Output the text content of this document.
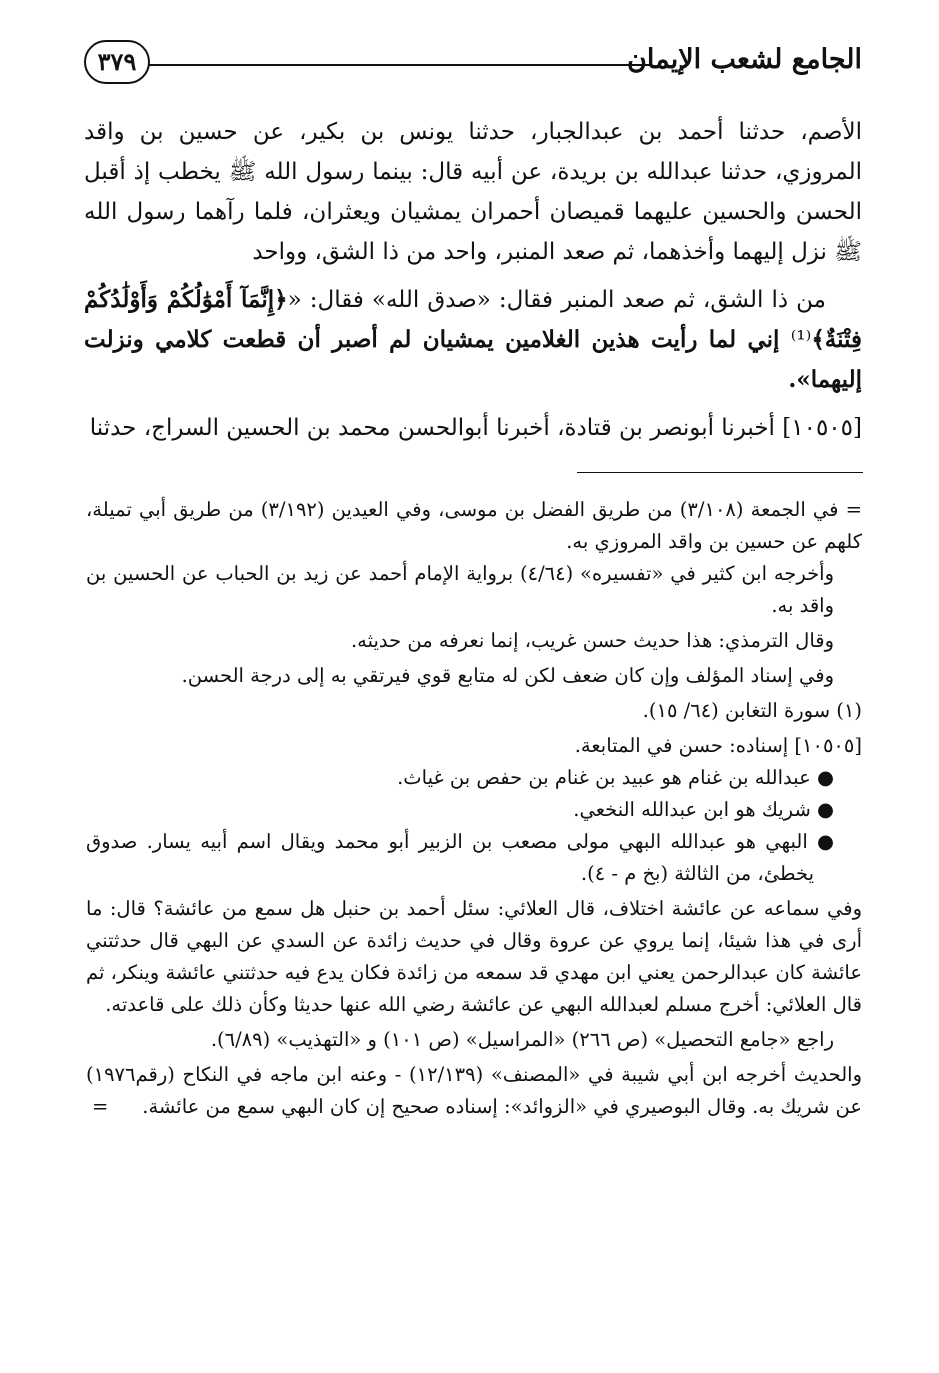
الجامع لشعب الإيمان
٣٧٩

الأصم، حدثنا أحمد بن عبدالجبار، حدثنا يونس بن بكير، عن حسين بن واقد المروزي، حدثنا عبدالله بن بريدة، عن أبيه قال: بينما رسول الله ﷺ يخطب إذ أقبل الحسن والحسين عليهما قميصان أحمران يمشيان ويعثران، فلما رآهما رسول الله ﷺ نزل إليهما وأخذهما، ثم صعد المنبر، واحد من ذا الشق، وواحد

من ذا الشق، ثم صعد المنبر فقال: «صدق الله» فقال: «﴿إِنَّمَآ أَمْوَٰلُكُمْ وَأَوْلَٰدُكُمْ فِتْنَةٌ﴾⁽¹⁾ إني لما رأيت هذين الغلامين يمشيان لم أصبر أن قطعت كلامي ونزلت إليهما».

[١٠٥٠٥] أخبرنا أبونصر بن قتادة، أخبرنا أبوالحسن محمد بن الحسين السراج، حدثنا

= في الجمعة (٣/١٠٨) من طريق الفضل بن موسى، وفي العيدين (٣/١٩٢) من طريق أبي تميلة، كلهم عن حسين بن واقد المروزي به.

وأخرجه ابن كثير في «تفسيره» (٤/٦٤) برواية الإمام أحمد عن زيد بن الحباب عن الحسين بن واقد به.

وقال الترمذي: هذا حديث حسن غريب، إنما نعرفه من حديثه.

وفي إسناد المؤلف وإن كان ضعف لكن له متابع قوي فيرتقي به إلى درجة الحسن.

(١) سورة التغابن (٦٤/ ١٥).

[١٠٥٠٥] إسناده: حسن في المتابعة.

● عبدالله بن غنام هو عبيد بن غنام بن حفص بن غياث.

● شريك هو ابن عبدالله النخعي.

● البهي هو عبدالله البهي مولى مصعب بن الزبير أبو محمد ويقال اسم أبيه يسار. صدوق يخطئ، من الثالثة (بخ م - ٤).

وفي سماعه عن عائشة اختلاف، قال العلائي: سئل أحمد بن حنبل هل سمع من عائشة؟ قال: ما أرى في هذا شيئا، إنما يروي عن عروة وقال في حديث زائدة عن السدي عن البهي قال حدثتني عائشة كان عبدالرحمن يعني ابن مهدي قد سمعه من زائدة فكان يدع فيه حدثتني عائشة وينكر، ثم قال العلائي: أخرج مسلم لعبدالله البهي عن عائشة رضي الله عنها حديثا وكأن ذلك على قاعدته.

راجع «جامع التحصيل» (ص ٢٦٦) «المراسيل» (ص ١٠١) و «التهذيب» (٦/٨٩).

والحديث أخرجه ابن أبي شيبة في «المصنف» (١٢/١٣٩) - وعنه ابن ماجه في النكاح (رقم١٩٧٦) عن شريك به. وقال البوصيري في «الزوائد»: إسناده صحيح إن كان البهي سمع من عائشة.
=
